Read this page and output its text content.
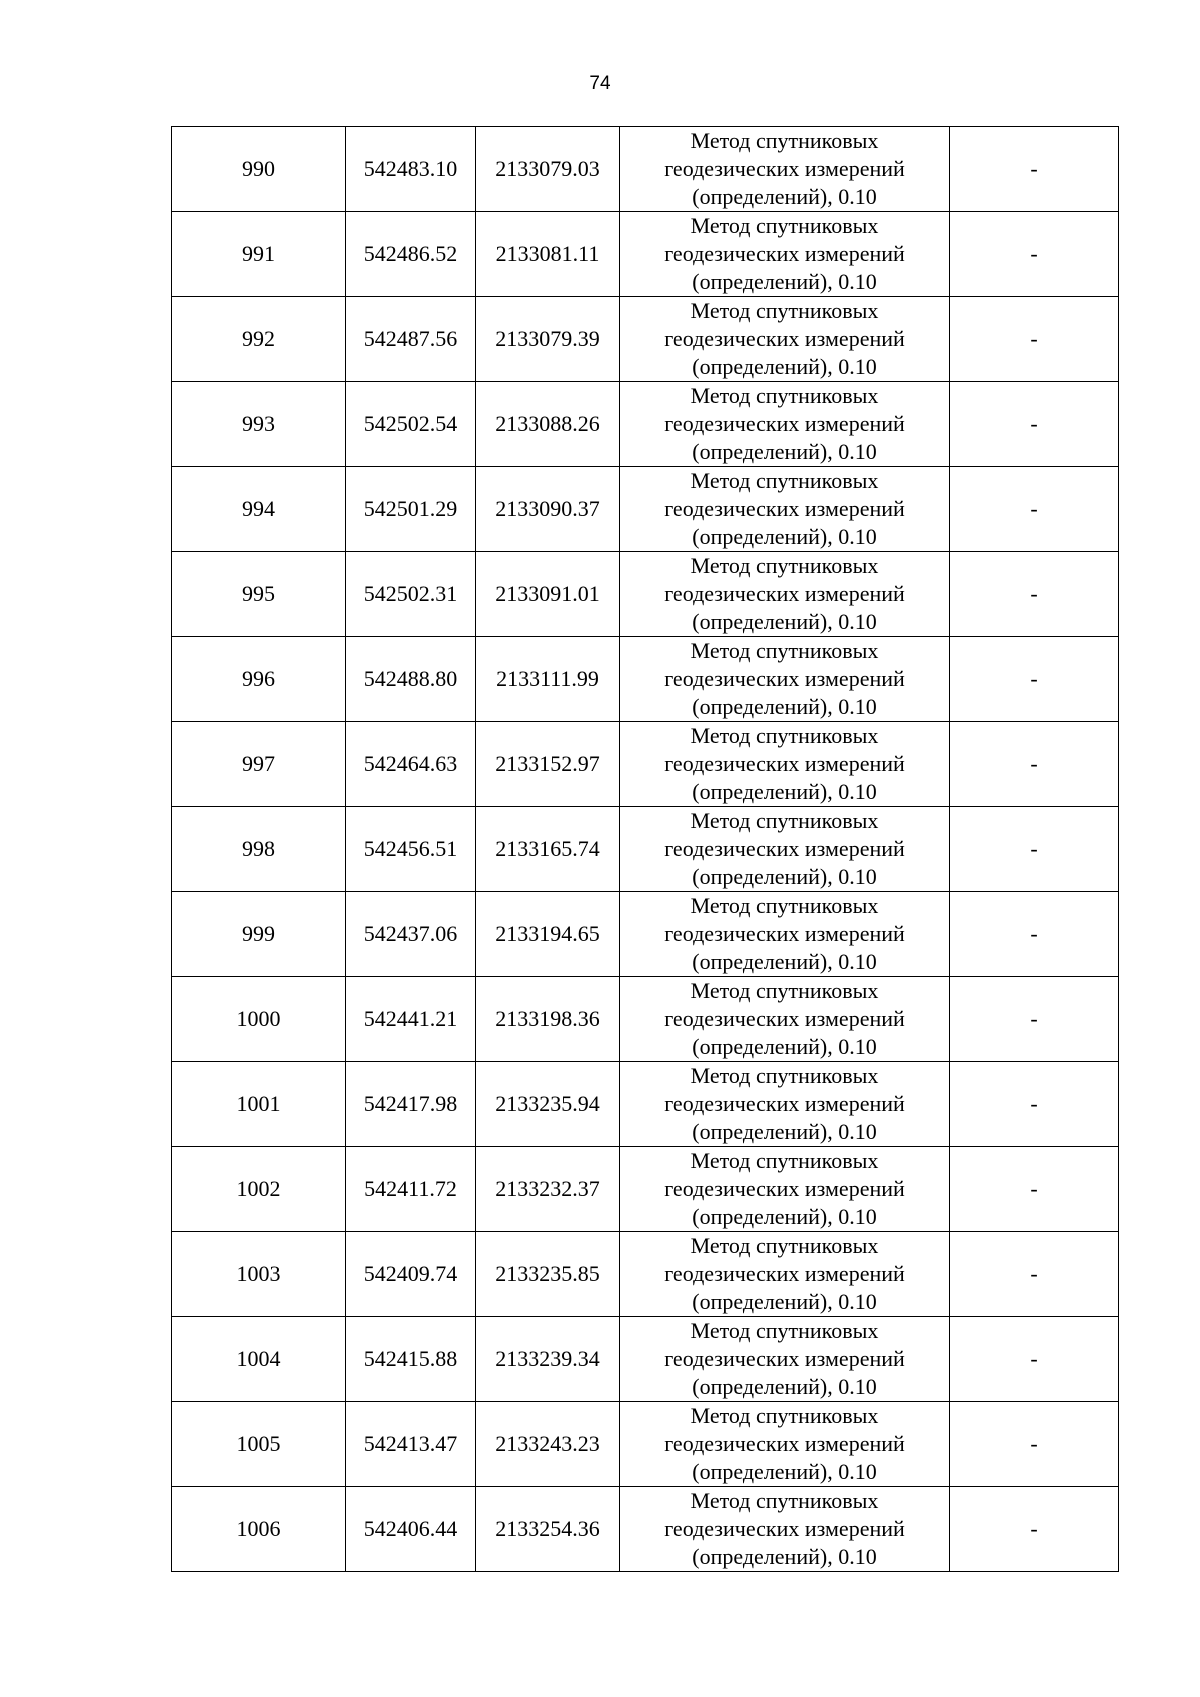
74
990	542483.10	2133079.03	Метод спутниковых
геодезических измерений
(определений), 0.10	-
991	542486.52	2133081.11	Метод спутниковых
геодезических измерений
(определений), 0.10	-
992	542487.56	2133079.39	Метод спутниковых
геодезических измерений
(определений), 0.10	-
993	542502.54	2133088.26	Метод спутниковых
геодезических измерений
(определений), 0.10	-
994	542501.29	2133090.37	Метод спутниковых
геодезических измерений
(определений), 0.10	-
995	542502.31	2133091.01	Метод спутниковых
геодезических измерений
(определений), 0.10	-
996	542488.80	2133111.99	Метод спутниковых
геодезических измерений
(определений), 0.10	-
997	542464.63	2133152.97	Метод спутниковых
геодезических измерений
(определений), 0.10	-
998	542456.51	2133165.74	Метод спутниковых
геодезических измерений
(определений), 0.10	-
999	542437.06	2133194.65	Метод спутниковых
геодезических измерений
(определений), 0.10	-
1000	542441.21	2133198.36	Метод спутниковых
геодезических измерений
(определений), 0.10	-
1001	542417.98	2133235.94	Метод спутниковых
геодезических измерений
(определений), 0.10	-
1002	542411.72	2133232.37	Метод спутниковых
геодезических измерений
(определений), 0.10	-
1003	542409.74	2133235.85	Метод спутниковых
геодезических измерений
(определений), 0.10	-
1004	542415.88	2133239.34	Метод спутниковых
геодезических измерений
(определений), 0.10	-
1005	542413.47	2133243.23	Метод спутниковых
геодезических измерений
(определений), 0.10	-
1006	542406.44	2133254.36	Метод спутниковых
геодезических измерений
(определений), 0.10	-
